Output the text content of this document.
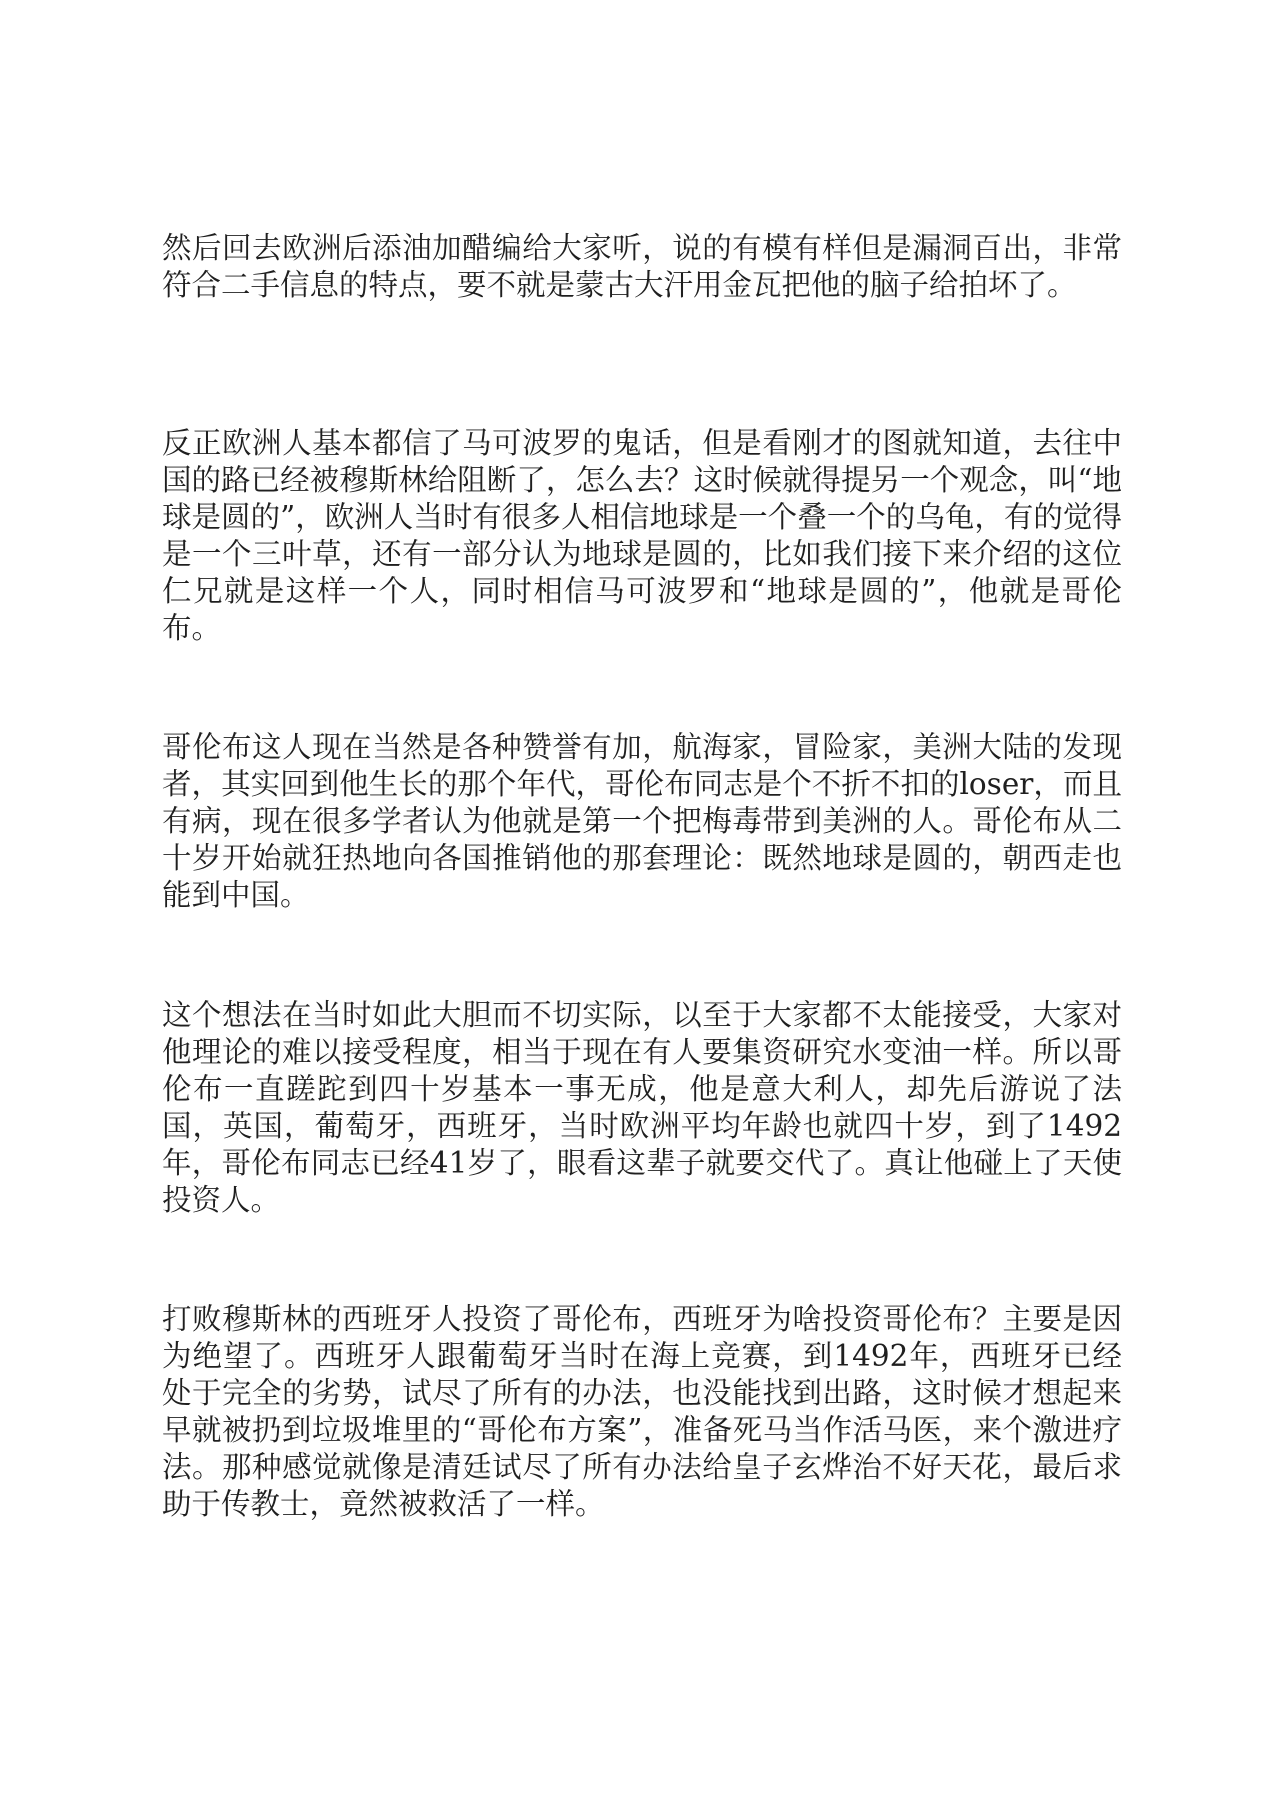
然后回去欧洲后添油加醋编给大家听，说的有模有样但是漏洞百出，非常符合二手信息的特点，要不就是蒙古大汗用金瓦把他的脑子给拍坏了。

反正欧洲人基本都信了马可波罗的鬼话，但是看刚才的图就知道，去往中国的路已经被穆斯林给阻断了，怎么去？这时候就得提另一个观念，叫“地球是圆的”，欧洲人当时有很多人相信地球是一个叠一个的乌龟，有的觉得是一个三叶草，还有一部分认为地球是圆的，比如我们接下来介绍的这位仁兄就是这样一个人，同时相信马可波罗和“地球是圆的”，他就是哥伦布。

哥伦布这人现在当然是各种赞誉有加，航海家，冒险家，美洲大陆的发现者，其实回到他生长的那个年代，哥伦布同志是个不折不扣的loser，而且有病，现在很多学者认为他就是第一个把梅毒带到美洲的人。哥伦布从二十岁开始就狂热地向各国推销他的那套理论：既然地球是圆的，朝西走也能到中国。

这个想法在当时如此大胆而不切实际，以至于大家都不太能接受，大家对他理论的难以接受程度，相当于现在有人要集资研究水变油一样。所以哥伦布一直蹉跎到四十岁基本一事无成，他是意大利人，却先后游说了法国，英国，葡萄牙，西班牙，当时欧洲平均年龄也就四十岁，到了1492年，哥伦布同志已经41岁了，眼看这辈子就要交代了。真让他碰上了天使投资人。

打败穆斯林的西班牙人投资了哥伦布，西班牙为啥投资哥伦布？主要是因为绝望了。西班牙人跟葡萄牙当时在海上竞赛，到1492年，西班牙已经处于完全的劣势，试尽了所有的办法，也没能找到出路，这时候才想起来早就被扔到垃圾堆里的“哥伦布方案”，准备死马当作活马医，来个激进疗法。那种感觉就像是清廷试尽了所有办法给皇子玄烨治不好天花，最后求助于传教士，竟然被救活了一样。
